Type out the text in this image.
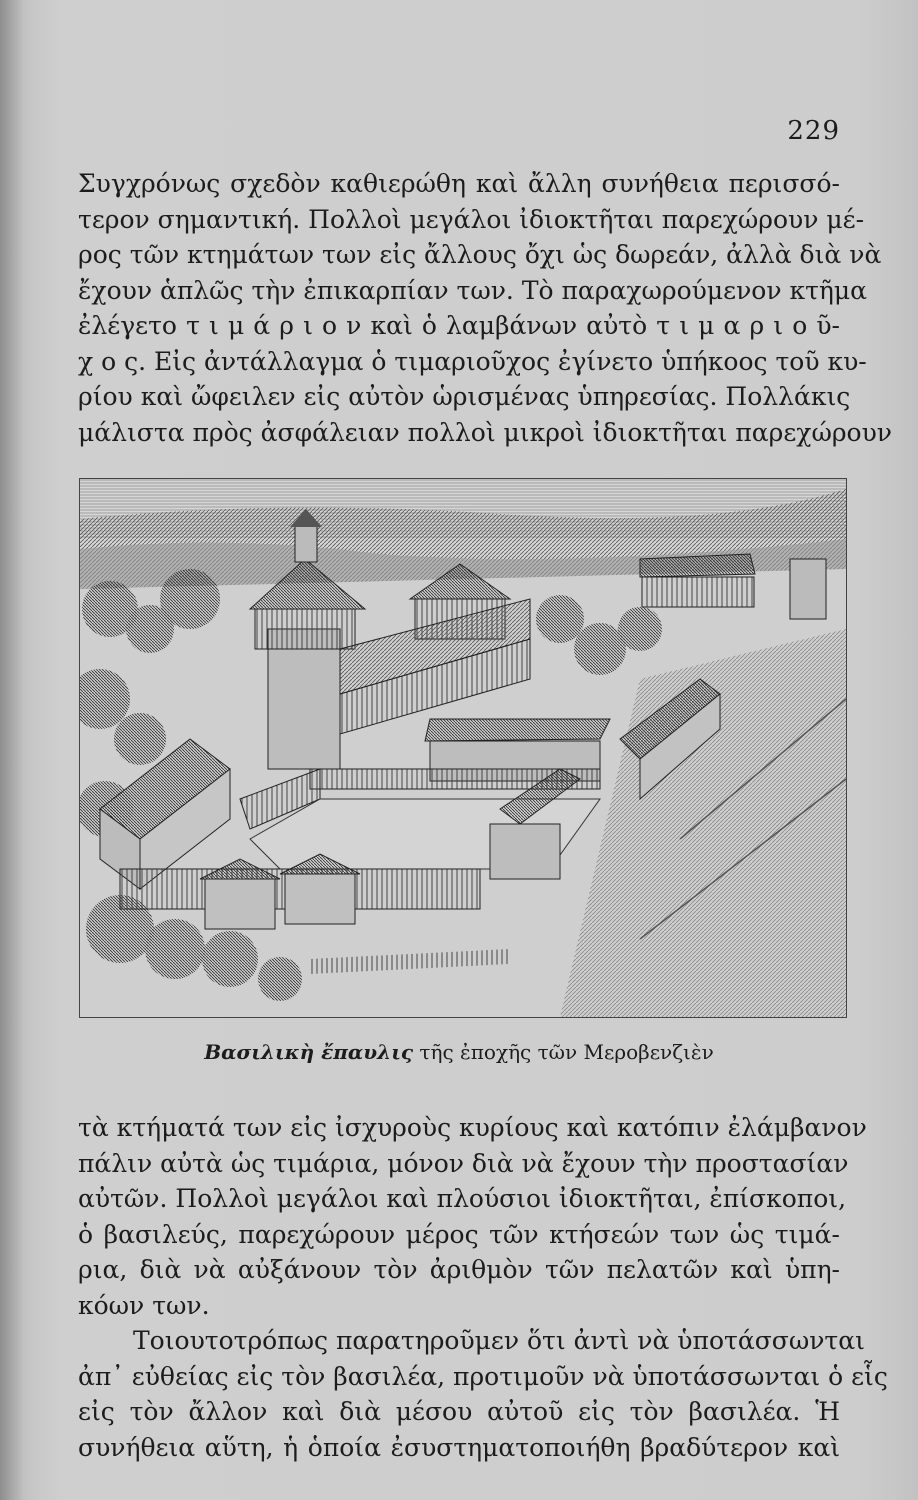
229
Συγχρόνως σχεδὸν καθιερώθη καὶ ἄλλη συνήθεια περισσό-
τερον σημαντική. Πολλοὶ μεγάλοι ἰδιοκτῆται παρεχώρουν μέ-
ρος τῶν κτημάτων των εἰς ἄλλους ὄχι ὡς δωρεάν, ἀλλὰ διὰ νὰ
ἔχουν ἁπλῶς τὴν ἐπικαρπίαν των. Τὸ παραχωρούμενον κτῆμα
ἐλέγετο τ ι μ ά ρ ι ο ν καὶ ὁ λαμβάνων αὐτὸ τ ι μ α ρ ι ο ῦ-
χ ο ς. Εἰς ἀντάλλαγμα ὁ τιμαριοῦχος ἐγίνετο ὑπήκοος τοῦ κυ-
ρίου καὶ ὤφειλεν εἰς αὐτὸν ὡρισμένας ὑπηρεσίας. Πολλάκις
μάλιστα πρὸς ἀσφάλειαν πολλοὶ μικροὶ ἰδιοκτῆται παρεχώρουν
Βασιλικὴ ἔπαυλις τῆς ἐποχῆς τῶν Μεροβενζιὲν
τὰ κτήματά των εἰς ἰσχυροὺς κυρίους καὶ κατόπιν ἐλάμβανον
πάλιν αὐτὰ ὡς τιμάρια, μόνον διὰ νὰ ἔχουν τὴν προστασίαν
αὐτῶν. Πολλοὶ μεγάλοι καὶ πλούσιοι ἰδιοκτῆται, ἐπίσκοποι,
ὁ βασιλεύς, παρεχώρουν μέρος τῶν κτήσεών των ὡς τιμά-
ρια, διὰ νὰ αὐξάνουν τὸν ἀριθμὸν τῶν πελατῶν καὶ ὑπη-
κόων των.
Τοιουτοτρόπως παρατηροῦμεν ὅτι ἀντὶ νὰ ὑποτάσσωνται
ἀπ᾿ εὐθείας εἰς τὸν βασιλέα, προτιμοῦν νὰ ὑποτάσσωνται ὁ εἷς
εἰς τὸν ἄλλον καὶ διὰ μέσου αὐτοῦ εἰς τὸν βασιλέα. Ἡ
συνήθεια αὕτη, ἡ ὁποία ἐσυστηματοποιήθη βραδύτερον καὶ
